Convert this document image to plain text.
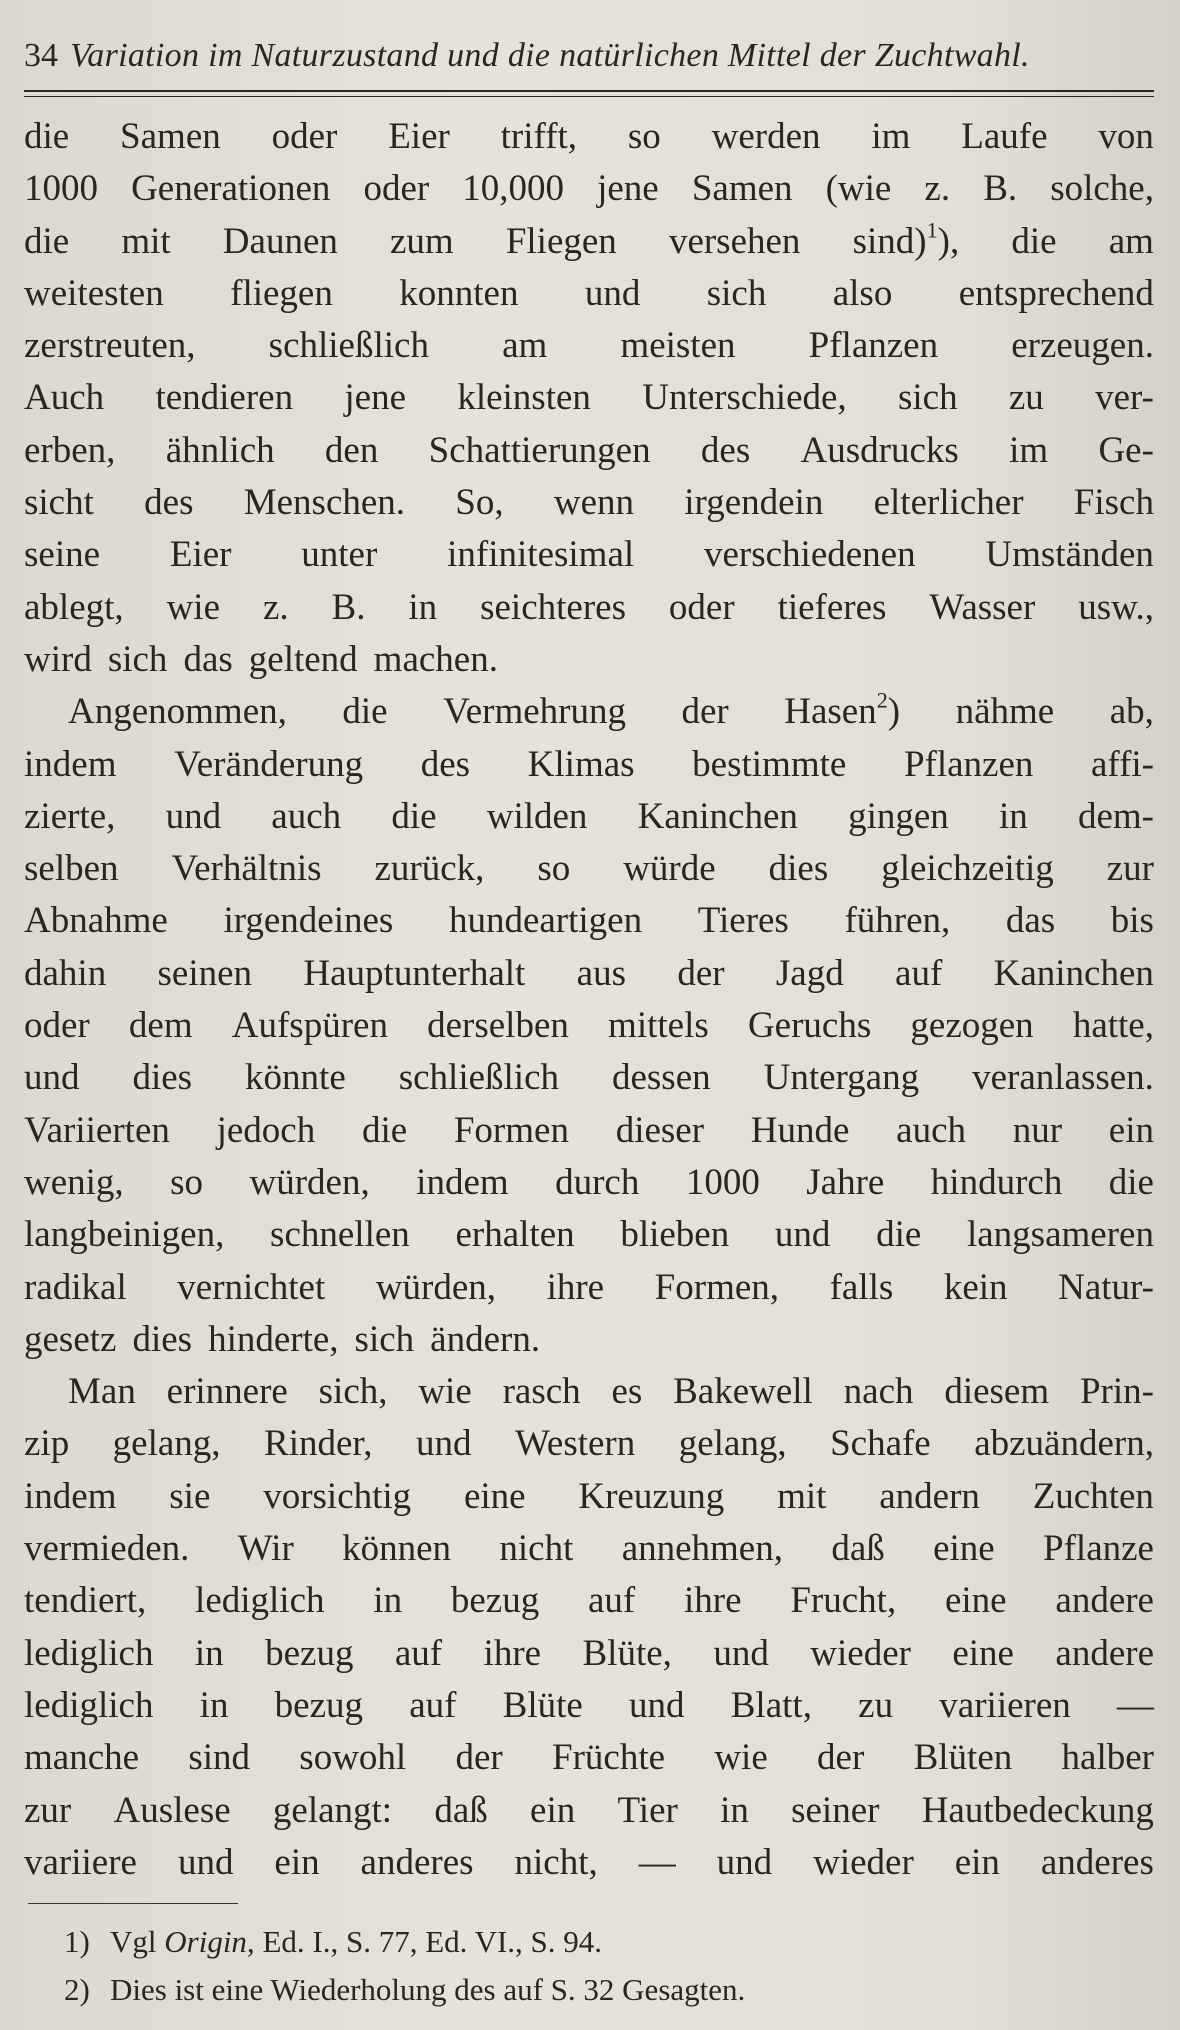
34 Variation im Naturzustand und die natürlichen Mittel der Zuchtwahl.
die Samen oder Eier trifft, so werden im Laufe von
1000 Generationen oder 10,000 jene Samen (wie z. B. solche,
die mit Daunen zum Fliegen versehen sind)$^1$), die am
weitesten fliegen konnten und sich also entsprechend
zerstreuten, schließlich am meisten Pflanzen erzeugen.
Auch tendieren jene kleinsten Unterschiede, sich zu ver-
erben, ähnlich den Schattierungen des Ausdrucks im Ge-
sicht des Menschen. So, wenn irgendein elterlicher Fisch
seine Eier unter infinitesimal verschiedenen Umständen
ablegt, wie z. B. in seichteres oder tieferes Wasser usw.,
wird sich das geltend machen.
Angenommen, die Vermehrung der Hasen$^2$) nähme ab,
indem Veränderung des Klimas bestimmte Pflanzen affi-
zierte, und auch die wilden Kaninchen gingen in dem-
selben Verhältnis zurück, so würde dies gleichzeitig zur
Abnahme irgendeines hundeartigen Tieres führen, das bis
dahin seinen Hauptunterhalt aus der Jagd auf Kaninchen
oder dem Aufspüren derselben mittels Geruchs gezogen hatte,
und dies könnte schließlich dessen Untergang veranlassen.
Variierten jedoch die Formen dieser Hunde auch nur ein
wenig, so würden, indem durch 1000 Jahre hindurch die
langbeinigen, schnellen erhalten blieben und die langsameren
radikal vernichtet würden, ihre Formen, falls kein Natur-
gesetz dies hinderte, sich ändern.
Man erinnere sich, wie rasch es Bakewell nach diesem Prin-
zip gelang, Rinder, und Western gelang, Schafe abzuändern,
indem sie vorsichtig eine Kreuzung mit andern Zuchten
vermieden. Wir können nicht annehmen, daß eine Pflanze
tendiert, lediglich in bezug auf ihre Frucht, eine andere
lediglich in bezug auf ihre Blüte, und wieder eine andere
lediglich in bezug auf Blüte und Blatt, zu variieren —
manche sind sowohl der Früchte wie der Blüten halber
zur Auslese gelangt: daß ein Tier in seiner Hautbedeckung
variiere und ein anderes nicht, — und wieder ein anderes
1) Vgl Origin, Ed. I., S. 77, Ed. VI., S. 94.
2) Dies ist eine Wiederholung des auf S. 32 Gesagten.
